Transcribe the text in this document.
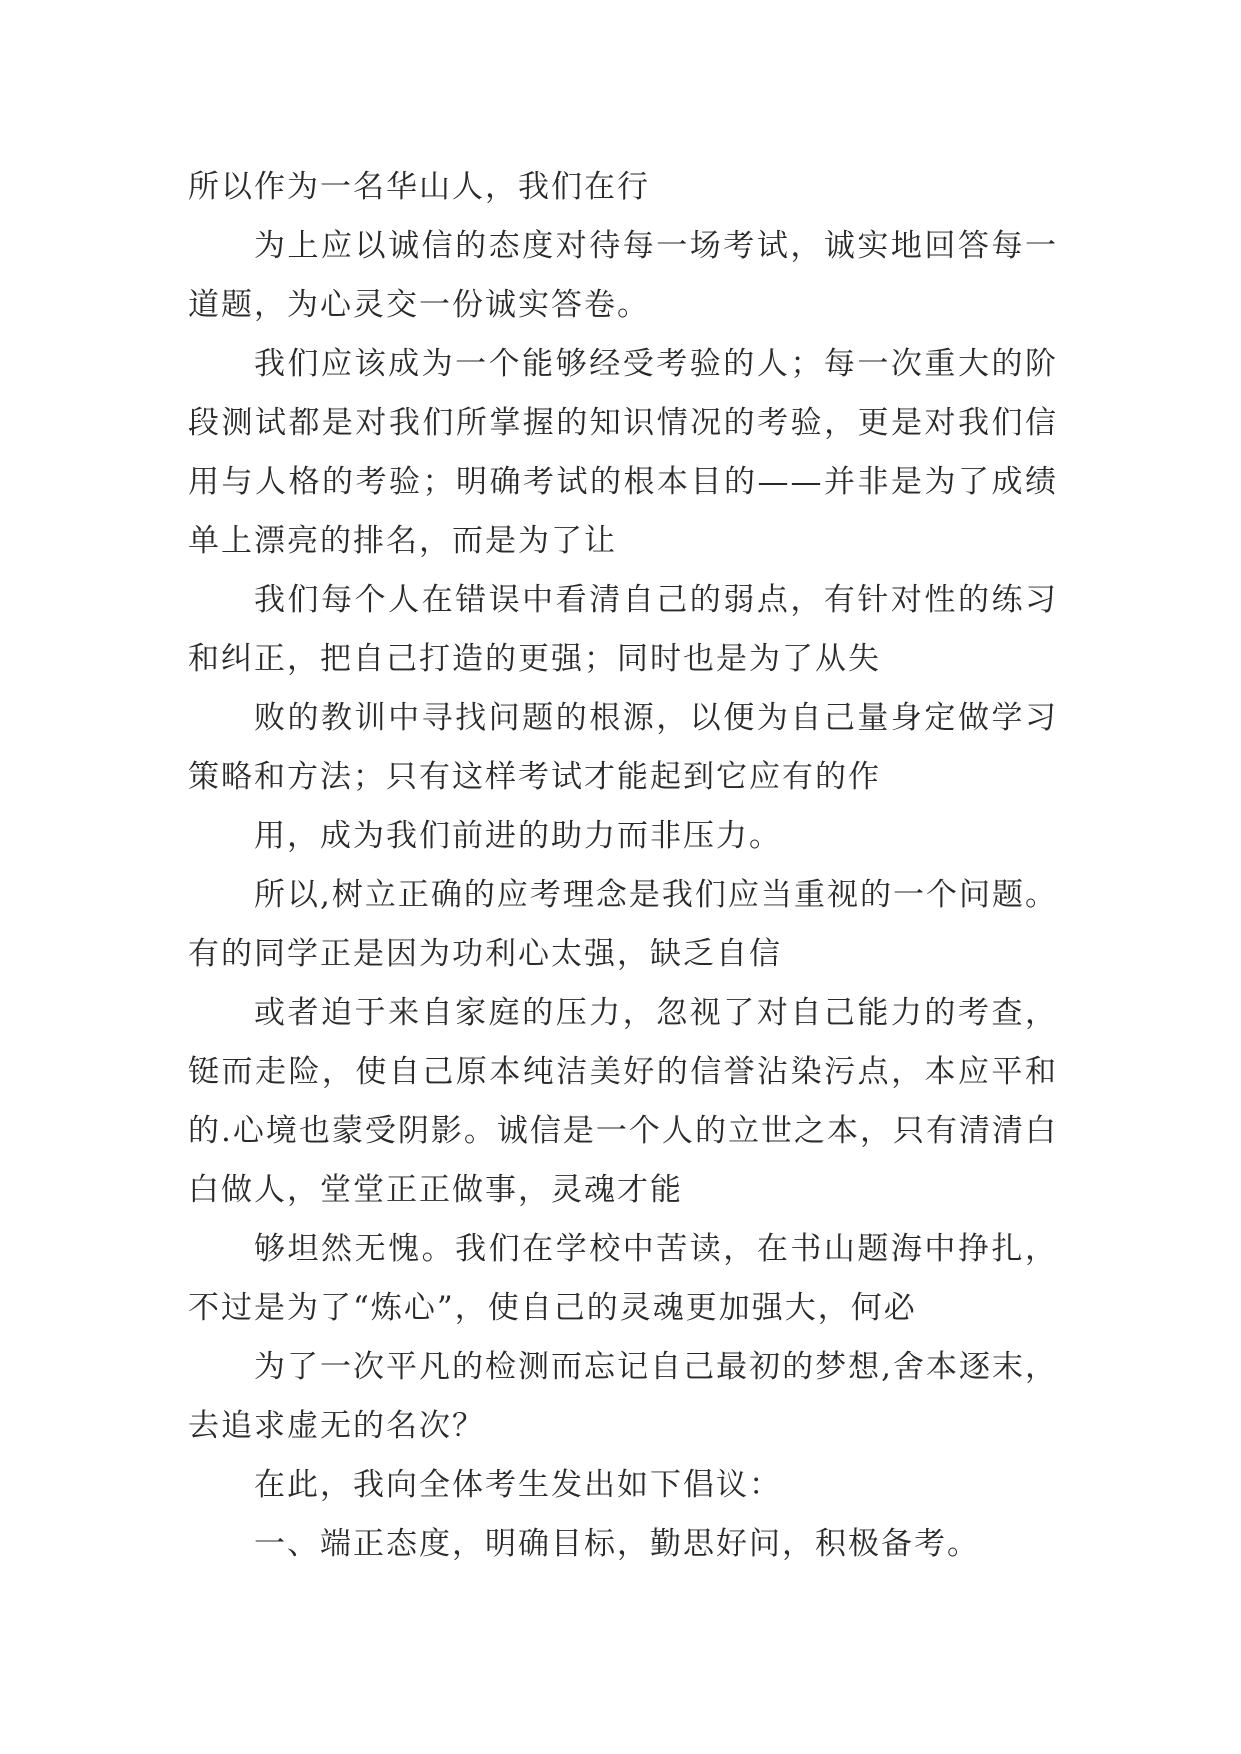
所以作为一名华山人，我们在行

为上应以诚信的态度对待每一场考试，诚实地回答每一道题，为心灵交一份诚实答卷。

我们应该成为一个能够经受考验的人；每一次重大的阶段测试都是对我们所掌握的知识情况的考验，更是对我们信用与人格的考验；明确考试的根本目的——并非是为了成绩单上漂亮的排名，而是为了让

我们每个人在错误中看清自己的弱点，有针对性的练习和纠正，把自己打造的更强；同时也是为了从失

败的教训中寻找问题的根源，以便为自己量身定做学习策略和方法；只有这样考试才能起到它应有的作

用，成为我们前进的助力而非压力。

所以,树立正确的应考理念是我们应当重视的一个问题。有的同学正是因为功利心太强，缺乏自信

或者迫于来自家庭的压力，忽视了对自己能力的考查，铤而走险，使自己原本纯洁美好的信誉沾染污点，本应平和的.心境也蒙受阴影。诚信是一个人的立世之本，只有清清白白做人，堂堂正正做事，灵魂才能

够坦然无愧。我们在学校中苦读，在书山题海中挣扎，不过是为了“炼心”，使自己的灵魂更加强大，何必

为了一次平凡的检测而忘记自己最初的梦想,舍本逐末，去追求虚无的名次？

在此，我向全体考生发出如下倡议：

一、端正态度，明确目标，勤思好问，积极备考。
